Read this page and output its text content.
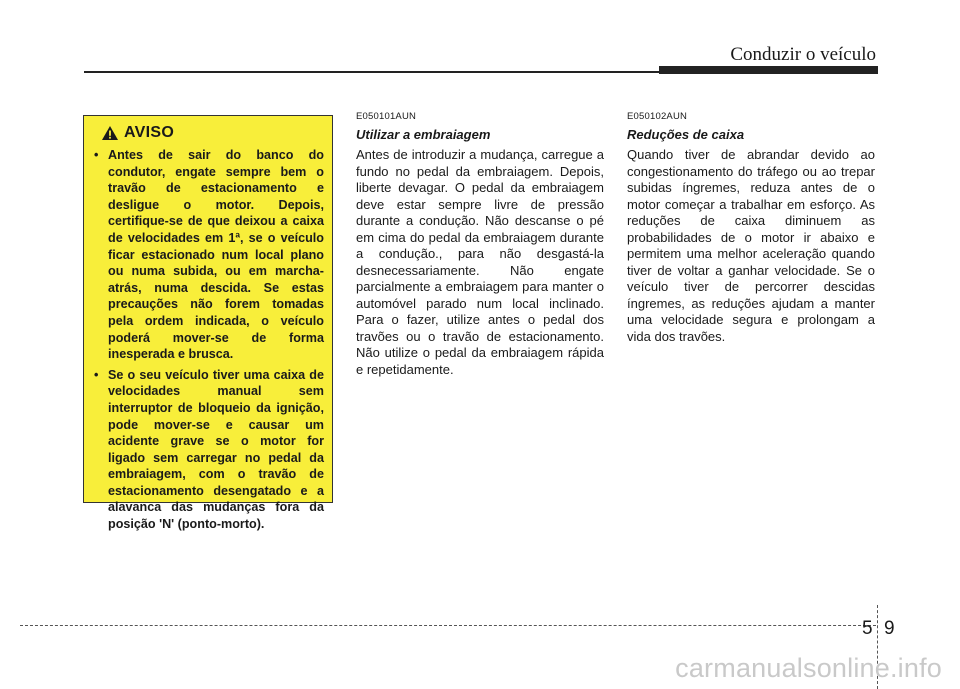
Conduzir o veículo
AVISO
• Antes de sair do banco do condutor, engate sempre bem o travão de estacionamento e desligue o motor. Depois, certifique-se de que deixou a caixa de velocidades em 1ª, se o veículo ficar estacionado num local plano ou numa subida, ou em marcha-atrás, numa descida. Se estas precauções não forem tomadas pela ordem indicada, o veículo poderá mover-se de forma inesperada e brusca.
• Se o seu veículo tiver uma caixa de velocidades manual sem interruptor de bloqueio da ignição, pode mover-se e causar um acidente grave se o motor for ligado sem carregar no pedal da embraiagem, com o travão de estacionamento desengatado e a alavanca das mudanças fora da posição 'N' (ponto-morto).
E050101AUN
Utilizar a embraiagem

Antes de introduzir a mudança, carregue a fundo no pedal da embraiagem. Depois, liberte devagar. O pedal da embraiagem deve estar sempre livre de pressão durante a condução. Não descanse o pé em cima do pedal da embraiagem durante a condução., para não desgastá-la desnecessariamente. Não engate parcialmente a embraiagem para manter o automóvel parado num local inclinado. Para o fazer, utilize antes o pedal dos travões ou o travão de estacionamento. Não utilize o pedal da embraiagem rápida e repetidamente.

E050102AUN
Reduções de caixa

Quando tiver de abrandar devido ao congestionamento do tráfego ou ao trepar subidas íngremes, reduza antes de o motor começar a trabalhar em esforço. As reduções de caixa diminuem as probabilidades de o motor ir abaixo e permitem uma melhor aceleração quando tiver de voltar a ganhar velocidade. Se o veículo tiver de percorrer descidas íngremes, as reduções ajudam a manter uma velocidade segura e prolongam a vida dos travões.

5 9
carmanualsonline.info
